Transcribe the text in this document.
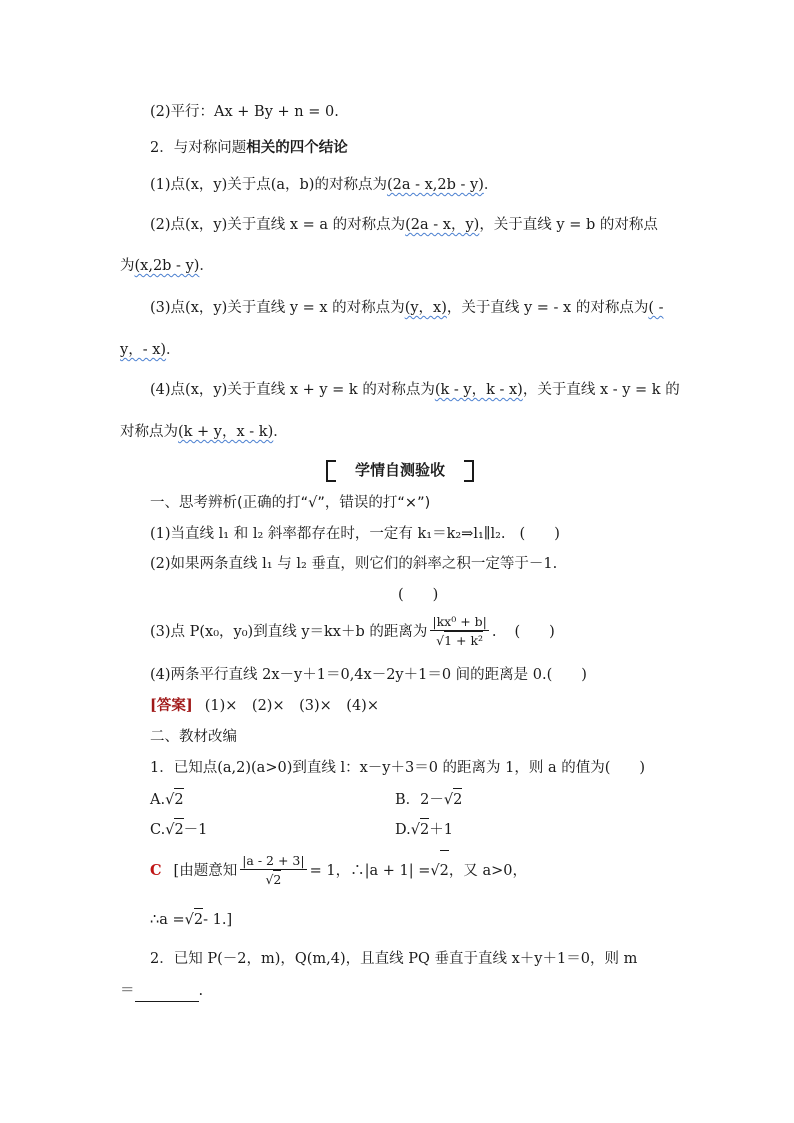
(2)平行：Ax + By + n = 0.
2．与对称问题相关的四个结论
(1)点(x，y)关于点(a，b)的对称点为(2a - x,2b - y)．
(2)点(x，y)关于直线 x = a 的对称点为(2a - x，y)，关于直线 y = b 的对称点
为(x,2b - y)．
(3)点(x，y)关于直线 y = x 的对称点为(y，x)，关于直线 y = - x 的对称点为( -
y，- x)．
(4)点(x，y)关于直线 x + y = k 的对称点为(k - y，k - x)，关于直线 x - y = k 的
对称点为(k + y，x - k)．
学情自测验收
一、思考辨析(正确的打“√”，错误的打“×”)
(1)当直线 l₁ 和 l₂ 斜率都存在时，一定有 k₁＝k₂⇒l₁∥l₂. (　　)
(2)如果两条直线 l₁ 与 l₂ 垂直，则它们的斜率之积一定等于－1.
(　　)
(3)点 P(x₀，y₀)到直线 y＝kx＋b 的距离为 $\frac{\text{|kx⁰ + b|}}{\text{√1 + k²}}$ . (　　)
(4)两条平行直线 2x－y＋1＝0,4x－2y＋1＝0 间的距离是 0.(　　)
[答案] (1)×　(2)×　(3)×　(4)×
二、教材改编
1．已知点(a,2)(a>0)到直线 l：x－y＋3＝0 的距离为 1，则 a 的值为(　　)
A.√2	B．2－√2
C.√2－1	D.√2＋1
C [由题意知 $\frac{|a - 2 + 3|}{√2} = 1$，∴|a + 1| =√2，又 a>0，
∴a =√2- 1.]
2．已知 P(－2，m)，Q(m,4)，且直线 PQ 垂直于直线 x＋y＋1＝0，则 m
＝	.
